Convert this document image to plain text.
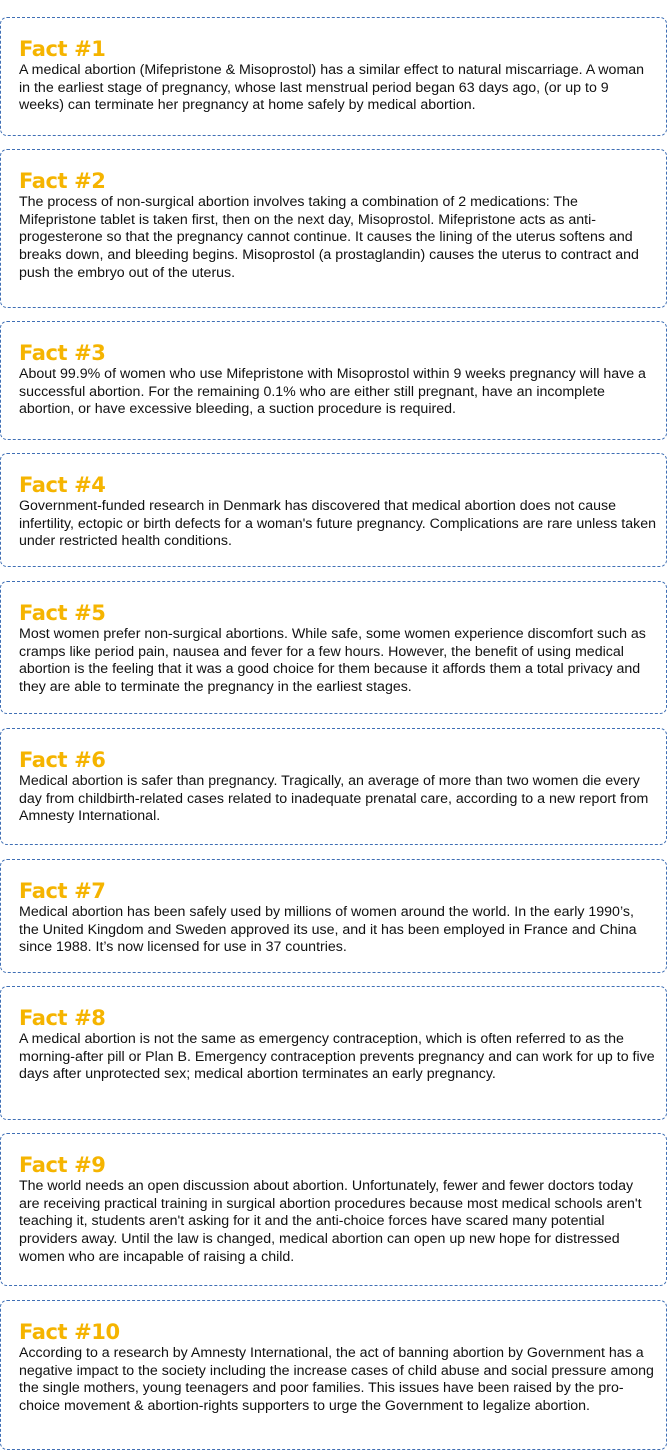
Fact #1

A medical abortion (Mifepristone & Misoprostol) has a similar effect to natural miscarriage. A woman in the earliest stage of pregnancy, whose last menstrual period began 63 days ago, (or up to 9 weeks) can terminate her pregnancy at home safely by medical abortion.

Fact #2

The process of non-surgical abortion involves taking a combination of 2 medications: The Mifepristone tablet is taken first, then on the next day, Misoprostol. Mifepristone acts as anti-progesterone so that the pregnancy cannot continue. It causes the lining of the uterus softens and breaks down, and bleeding begins. Misoprostol (a prostaglandin) causes the uterus to contract and push the embryo out of the uterus.

Fact #3

About 99.9% of women who use Mifepristone with Misoprostol within 9 weeks pregnancy will have a successful abortion. For the remaining 0.1% who are either still pregnant, have an incomplete abortion, or have excessive bleeding, a suction procedure is required.

Fact #4

Government-funded research in Denmark has discovered that medical abortion does not cause infertility, ectopic or birth defects for a woman's future pregnancy. Complications are rare unless taken under restricted health conditions.

Fact #5

Most women prefer non-surgical abortions. While safe, some women experience discomfort such as cramps like period pain, nausea and fever for a few hours. However, the benefit of using medical abortion is the feeling that it was a good choice for them because it affords them a total privacy and they are able to terminate the pregnancy in the earliest stages.

Fact #6

Medical abortion is safer than pregnancy. Tragically, an average of more than two women die every day from childbirth-related cases related to inadequate prenatal care, according to a new report from Amnesty International.

Fact #7

Medical abortion has been safely used by millions of women around the world. In the early 1990’s, the United Kingdom and Sweden approved its use, and it has been employed in France and China since 1988. It’s now licensed for use in 37 countries.

Fact #8

A medical abortion is not the same as emergency contraception, which is often referred to as the morning-after pill or Plan B. Emergency contraception prevents pregnancy and can work for up to five days after unprotected sex; medical abortion terminates an early pregnancy.

Fact #9

The world needs an open discussion about abortion. Unfortunately, fewer and fewer doctors today are receiving practical training in surgical abortion procedures because most medical schools aren't teaching it, students aren't asking for it and the anti-choice forces have scared many potential providers away. Until the law is changed, medical abortion can open up new hope for distressed women who are incapable of raising a child.

Fact #10

According to a research by Amnesty International, the act of banning abortion by Government has a negative impact to the society including the increase cases of child abuse and social pressure among the single mothers, young teenagers and poor families. This issues have been raised by the pro-choice movement & abortion-rights supporters to urge the Government to legalize abortion.
